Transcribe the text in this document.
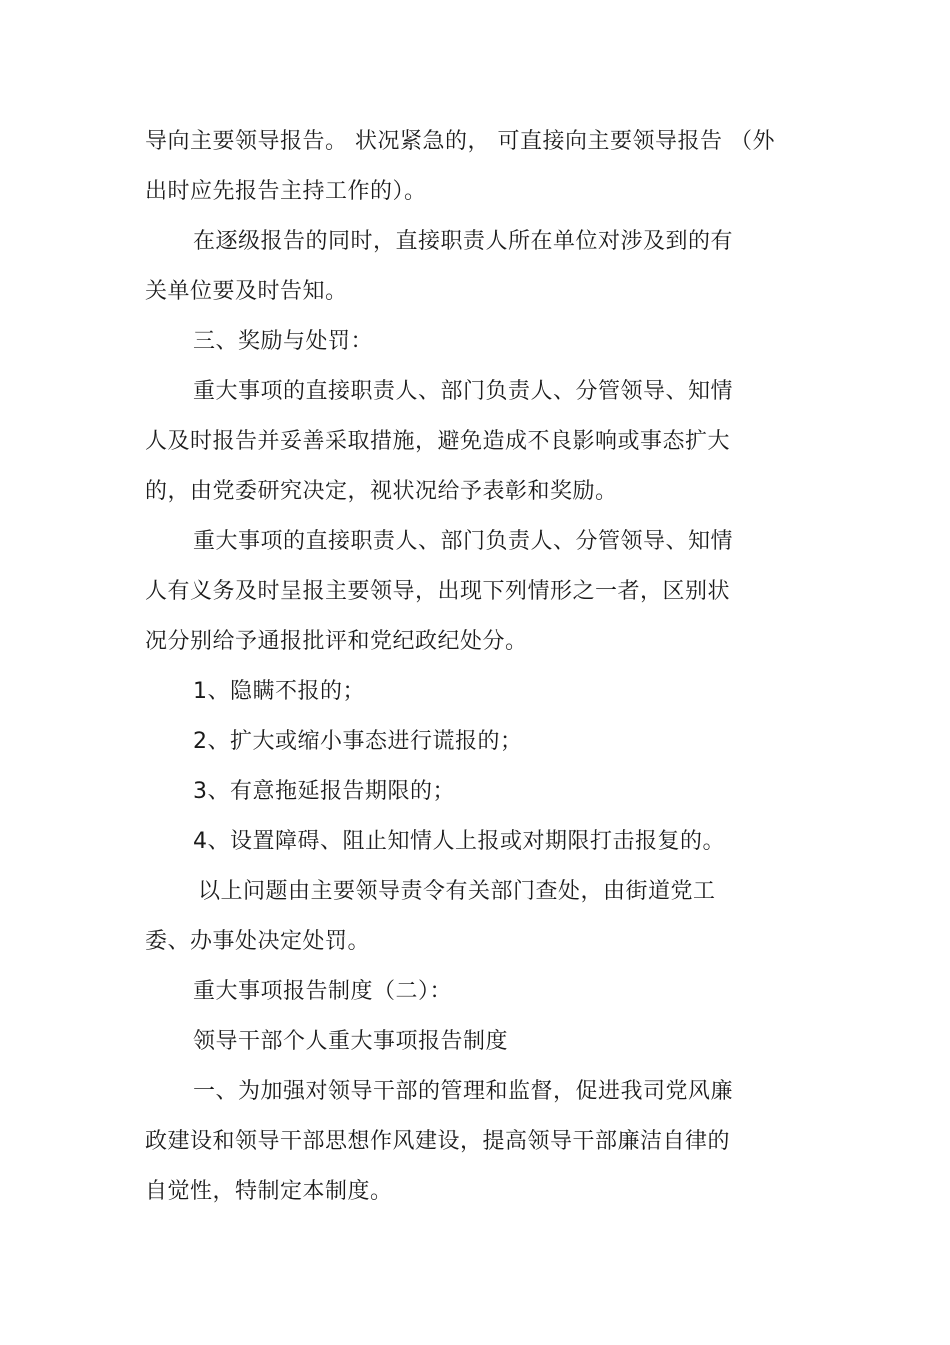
导向主要领导报告。 状况紧急的， 可直接向主要领导报告 （外
出时应先报告主持工作的）。
在逐级报告的同时，直接职责人所在单位对涉及到的有
关单位要及时告知。
三、奖励与处罚：
重大事项的直接职责人、部门负责人、分管领导、知情
人及时报告并妥善采取措施，避免造成不良影响或事态扩大
的，由党委研究决定，视状况给予表彰和奖励。
重大事项的直接职责人、部门负责人、分管领导、知情
人有义务及时呈报主要领导，出现下列情形之一者，区别状
况分别给予通报批评和党纪政纪处分。
1、隐瞒不报的；
2、扩大或缩小事态进行谎报的；
3、有意拖延报告期限的；
4、设置障碍、阻止知情人上报或对期限打击报复的。
以上问题由主要领导责令有关部门查处，由街道党工
委、办事处决定处罚。
重大事项报告制度（二）：
领导干部个人重大事项报告制度
一、为加强对领导干部的管理和监督，促进我司党风廉
政建设和领导干部思想作风建设，提高领导干部廉洁自律的
自觉性，特制定本制度。
